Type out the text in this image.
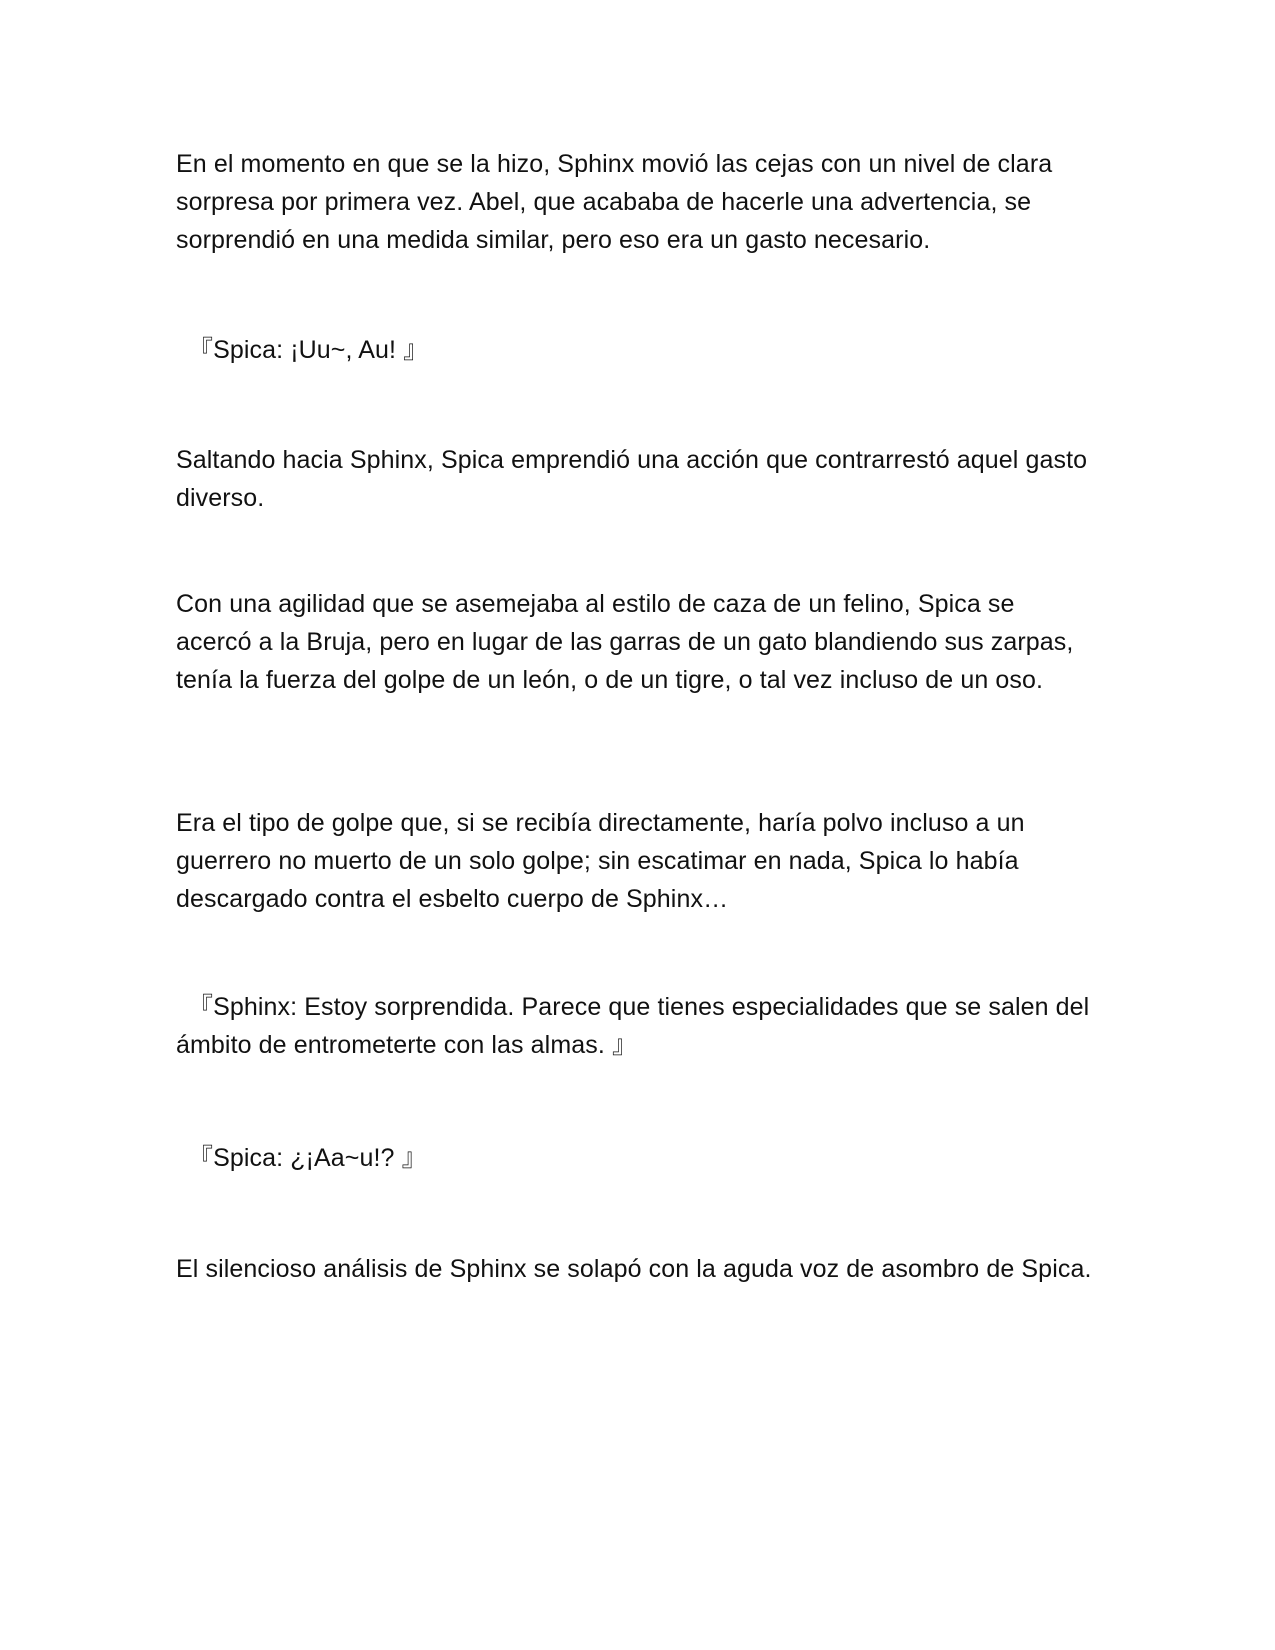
En el momento en que se la hizo, Sphinx movió las cejas con un nivel de clara sorpresa por primera vez. Abel, que acababa de hacerle una advertencia, se sorprendió en una medida similar, pero eso era un gasto necesario.

『Spica: ¡Uu~, Au! 』

Saltando hacia Sphinx, Spica emprendió una acción que contrarrestó aquel gasto diverso.

Con una agilidad que se asemejaba al estilo de caza de un felino, Spica se acercó a la Bruja, pero en lugar de las garras de un gato blandiendo sus zarpas, tenía la fuerza del golpe de un león, o de un tigre, o tal vez incluso de un oso.

Era el tipo de golpe que, si se recibía directamente, haría polvo incluso a un guerrero no muerto de un solo golpe; sin escatimar en nada, Spica lo había descargado contra el esbelto cuerpo de Sphinx…

『Sphinx: Estoy sorprendida. Parece que tienes especialidades que se salen del ámbito de entrometerte con las almas. 』

『Spica: ¿¡Aa~u!? 』

El silencioso análisis de Sphinx se solapó con la aguda voz de asombro de Spica.
